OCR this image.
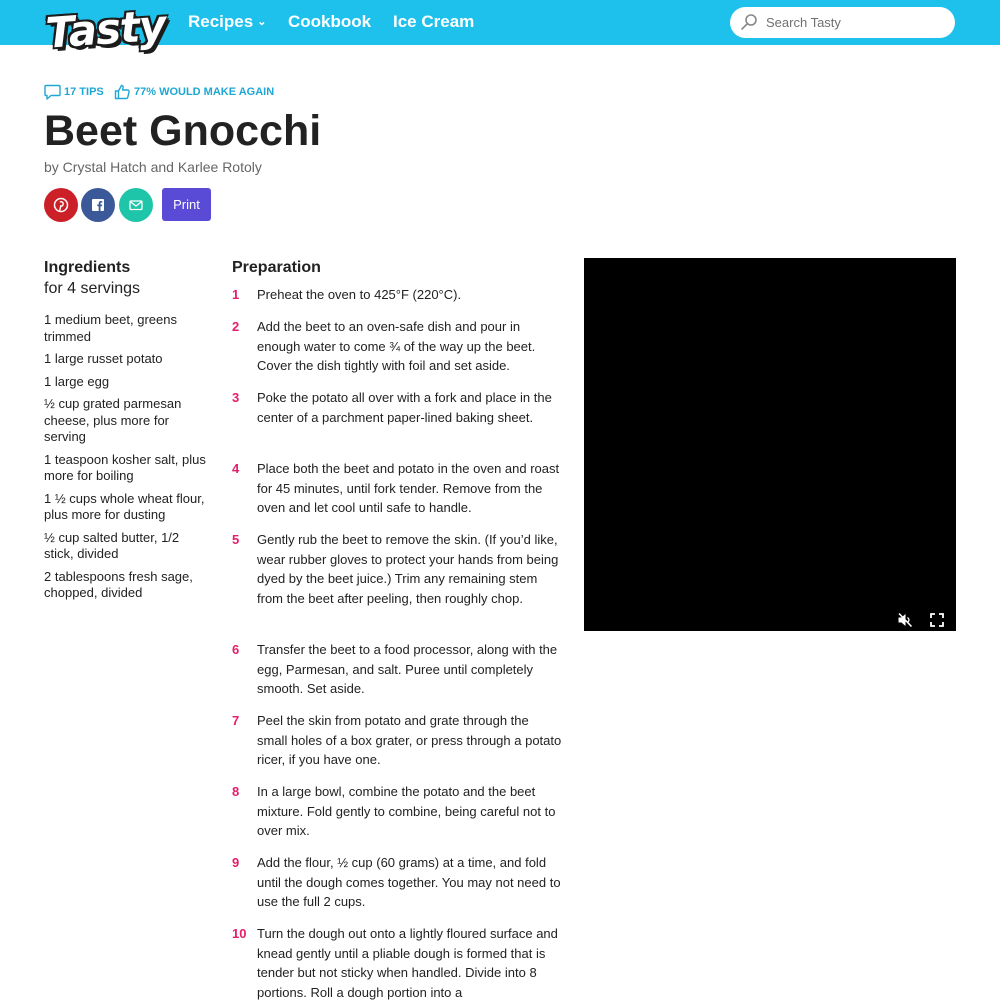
Tasty Recipes ⌄ Cookbook Ice Cream
Search Tasty
17 TIPS	77% WOULD MAKE AGAIN
Beet Gnocchi
by Crystal Hatch and Karlee Rotoly
Print
Ingredients
for 4 servings
1 medium beet, greens trimmed
1 large russet potato
1 large egg
½ cup grated parmesan cheese, plus more for serving
1 teaspoon kosher salt, plus more for boiling
1 ½ cups whole wheat flour, plus more for dusting
½ cup salted butter, 1/2 stick, divided
2 tablespoons fresh sage, chopped, divided
Preparation
1 Preheat the oven to 425°F (220°C).
2 Add the beet to an oven-safe dish and pour in enough water to come ¾ of the way up the beet. Cover the dish tightly with foil and set aside.
3 Poke the potato all over with a fork and place in the center of a parchment paper-lined baking sheet.
4 Place both the beet and potato in the oven and roast for 45 minutes, until fork tender. Remove from the oven and let cool until safe to handle.
5 Gently rub the beet to remove the skin. (If you’d like, wear rubber gloves to protect your hands from being dyed by the beet juice.) Trim any remaining stem from the beet after peeling, then roughly chop.
6 Transfer the beet to a food processor, along with the egg, Parmesan, and salt. Puree until completely smooth. Set aside.
7 Peel the skin from potato and grate through the small holes of a box grater, or press through a potato ricer, if you have one.
8 In a large bowl, combine the potato and the beet mixture. Fold gently to combine, being careful not to over mix.
9 Add the flour, ½ cup (60 grams) at a time, and fold until the dough comes together. You may not need to use the full 2 cups.
10 Turn the dough out onto a lightly floured surface and knead gently until a pliable dough is formed that is tender but not sticky when handled. Divide into 8 portions. Roll a dough portion into a
